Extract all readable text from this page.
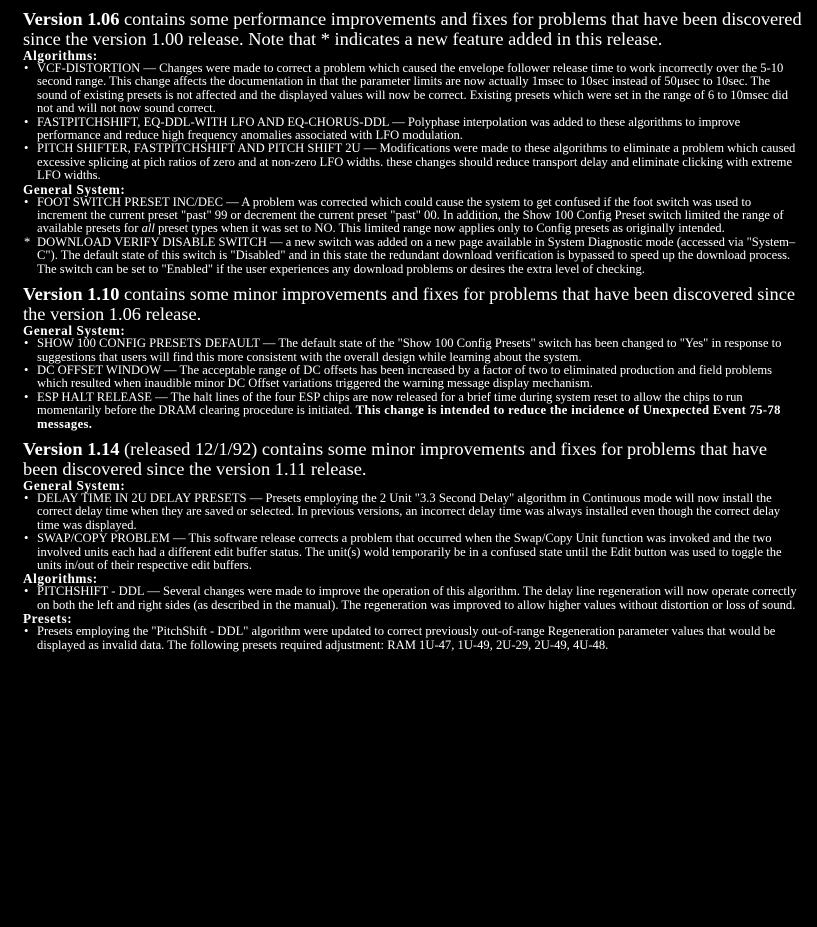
Version 1.06 contains some performance improvements and fixes for problems that have been discovered since the version 1.00 release. Note that * indicates a new feature added in this release.

Algorithms:

• VCF-DISTORTION — Changes were made to correct a problem which caused the envelope follower release time to work incorrectly over the 5-10 second range. This change affects the documentation in that the parameter limits are now actually 1msec to 10sec instead of 50μsec to 10sec. The sound of existing presets is not affected and the displayed values will now be correct. Existing presets which were set in the range of 6 to 10msec did not and will not now sound correct.
• FASTPITCHSHIFT, EQ-DDL-WITH LFO AND EQ-CHORUS-DDL — Polyphase interpolation was added to these algorithms to improve performance and reduce high frequency anomalies associated with LFO modulation.
• PITCH SHIFTER, FASTPITCHSHIFT AND PITCH SHIFT 2U — Modifications were made to these algorithms to eliminate a problem which caused excessive splicing at pich ratios of zero and at non-zero LFO widths. these changes should reduce transport delay and eliminate clicking with extreme LFO widths.

General System:

• FOOT SWITCH PRESET INC/DEC — A problem was corrected which could cause the system to get confused if the foot switch was used to increment the current preset "past" 99 or decrement the current preset "past" 00. In addition, the Show 100 Config Preset switch limited the range of available presets for all preset types when it was set to NO. This limited range now applies only to Config presets as originally intended.
* DOWNLOAD VERIFY DISABLE SWITCH — a new switch was added on a new page available in System Diagnostic mode (accessed via "System–C"). The default state of this switch is "Disabled" and in this state the redundant download verification is bypassed to speed up the download process. The switch can be set to "Enabled" if the user experiences any download problems or desires the extra level of checking.

Version 1.10 contains some minor improvements and fixes for problems that have been discovered since the version 1.06 release.

General System:

• SHOW 100 CONFIG PRESETS DEFAULT — The default state of the "Show 100 Config Presets" switch has been changed to "Yes" in response to suggestions that users will find this more consistent with the overall design while learning about the system.
• DC OFFSET WINDOW — The acceptable range of DC offsets has been increased by a factor of two to eliminated production and field problems which resulted when inaudible minor DC Offset variations triggered the warning message display mechanism.
• ESP HALT RELEASE — The halt lines of the four ESP chips are now released for a brief time during system reset to allow the chips to run momentarily before the DRAM clearing procedure is initiated. This change is intended to reduce the incidence of Unexpected Event 75-78 messages.

Version 1.14 (released 12/1/92) contains some minor improvements and fixes for problems that have been discovered since the version 1.11 release.

General System:

• DELAY TIME IN 2U DELAY PRESETS — Presets employing the 2 Unit "3.3 Second Delay" algorithm in Continuous mode will now install the correct delay time when they are saved or selected. In previous versions, an incorrect delay time was always installed even though the correct delay time was displayed.
• SWAP/COPY PROBLEM — This software release corrects a problem that occurred when the Swap/Copy Unit function was invoked and the two involved units each had a different edit buffer status. The unit(s) wold temporarily be in a confused state until the Edit button was used to toggle the units in/out of their respective edit buffers.

Algorithms:

• PITCHSHIFT - DDL — Several changes were made to improve the operation of this algorithm. The delay line regeneration will now operate correctly on both the left and right sides (as described in the manual). The regeneration was improved to allow higher values without distortion or loss of sound.

Presets:

• Presets employing the "PitchShift - DDL" algorithm were updated to correct previously out-of-range Regeneration parameter values that would be displayed as invalid data. The following presets required adjustment: RAM 1U-47, 1U-49, 2U-29, 2U-49, 4U-48.
